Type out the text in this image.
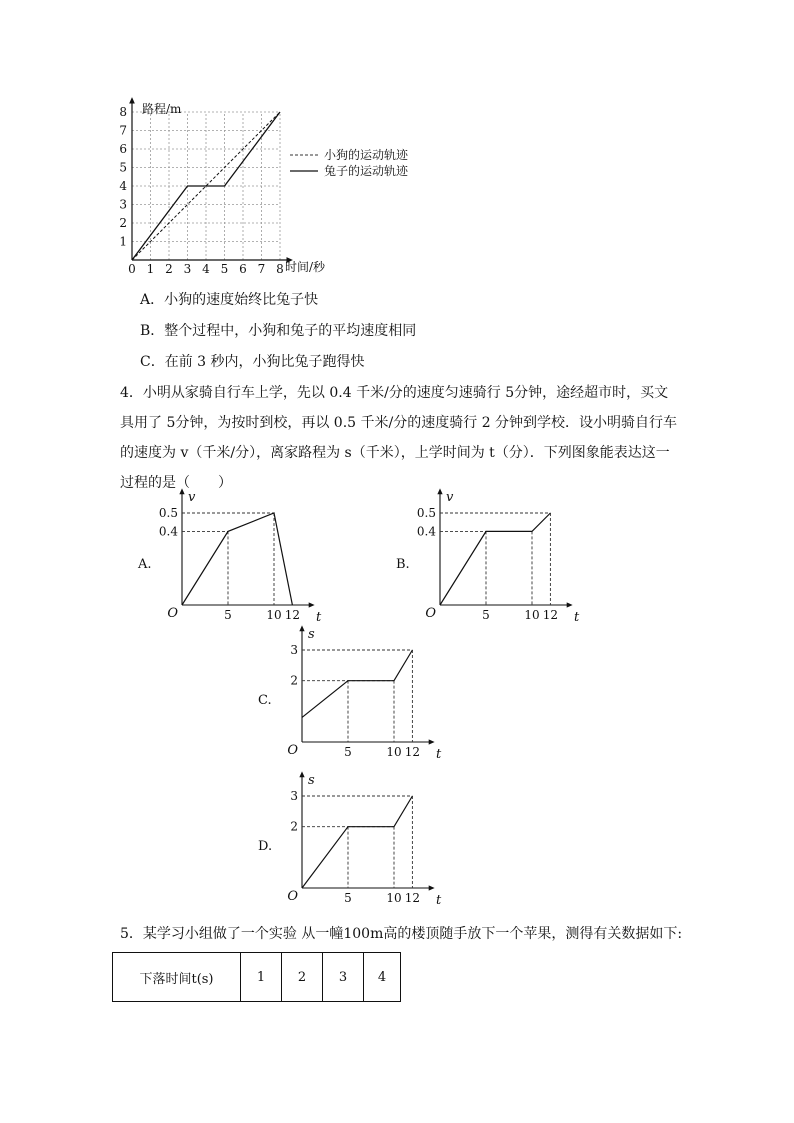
0 1 2 3 4 5 6 7 8
1
2
3
4
5
6
7
8 路程/m
时间/秒
小狗的运动轨迹
兔子的运动轨迹
A．小狗的速度始终比兔子快
B．整个过程中，小狗和兔子的平均速度相同
C．在前 3 秒内，小狗比兔子跑得快
4．小明从家骑自行车上学，先以 0.4 千米/分的速度匀速骑行 5分钟，途经超市时，买文具用了 5分钟，为按时到校，再以 0.5 千米/分的速度骑行 2 分钟到学校．设小明骑自行车的速度为 v（千米/分），离家路程为 s（千米），上学时间为 t（分）．下列图象能表达这一过程的是（　　）
A.
0.4
0.5
5	10 12
O	t
v
B.
0.4
0.5
5	10 12
O	t
v
C.
2
3
5	10 12
O	t
s
D.
2
3
5	10 12
O	t
s
5．某学习小组做了一个实验 从一幢100m高的楼顶随手放下一个苹果，测得有关数据如下:
下落时间t(s)	1	2	3	4
